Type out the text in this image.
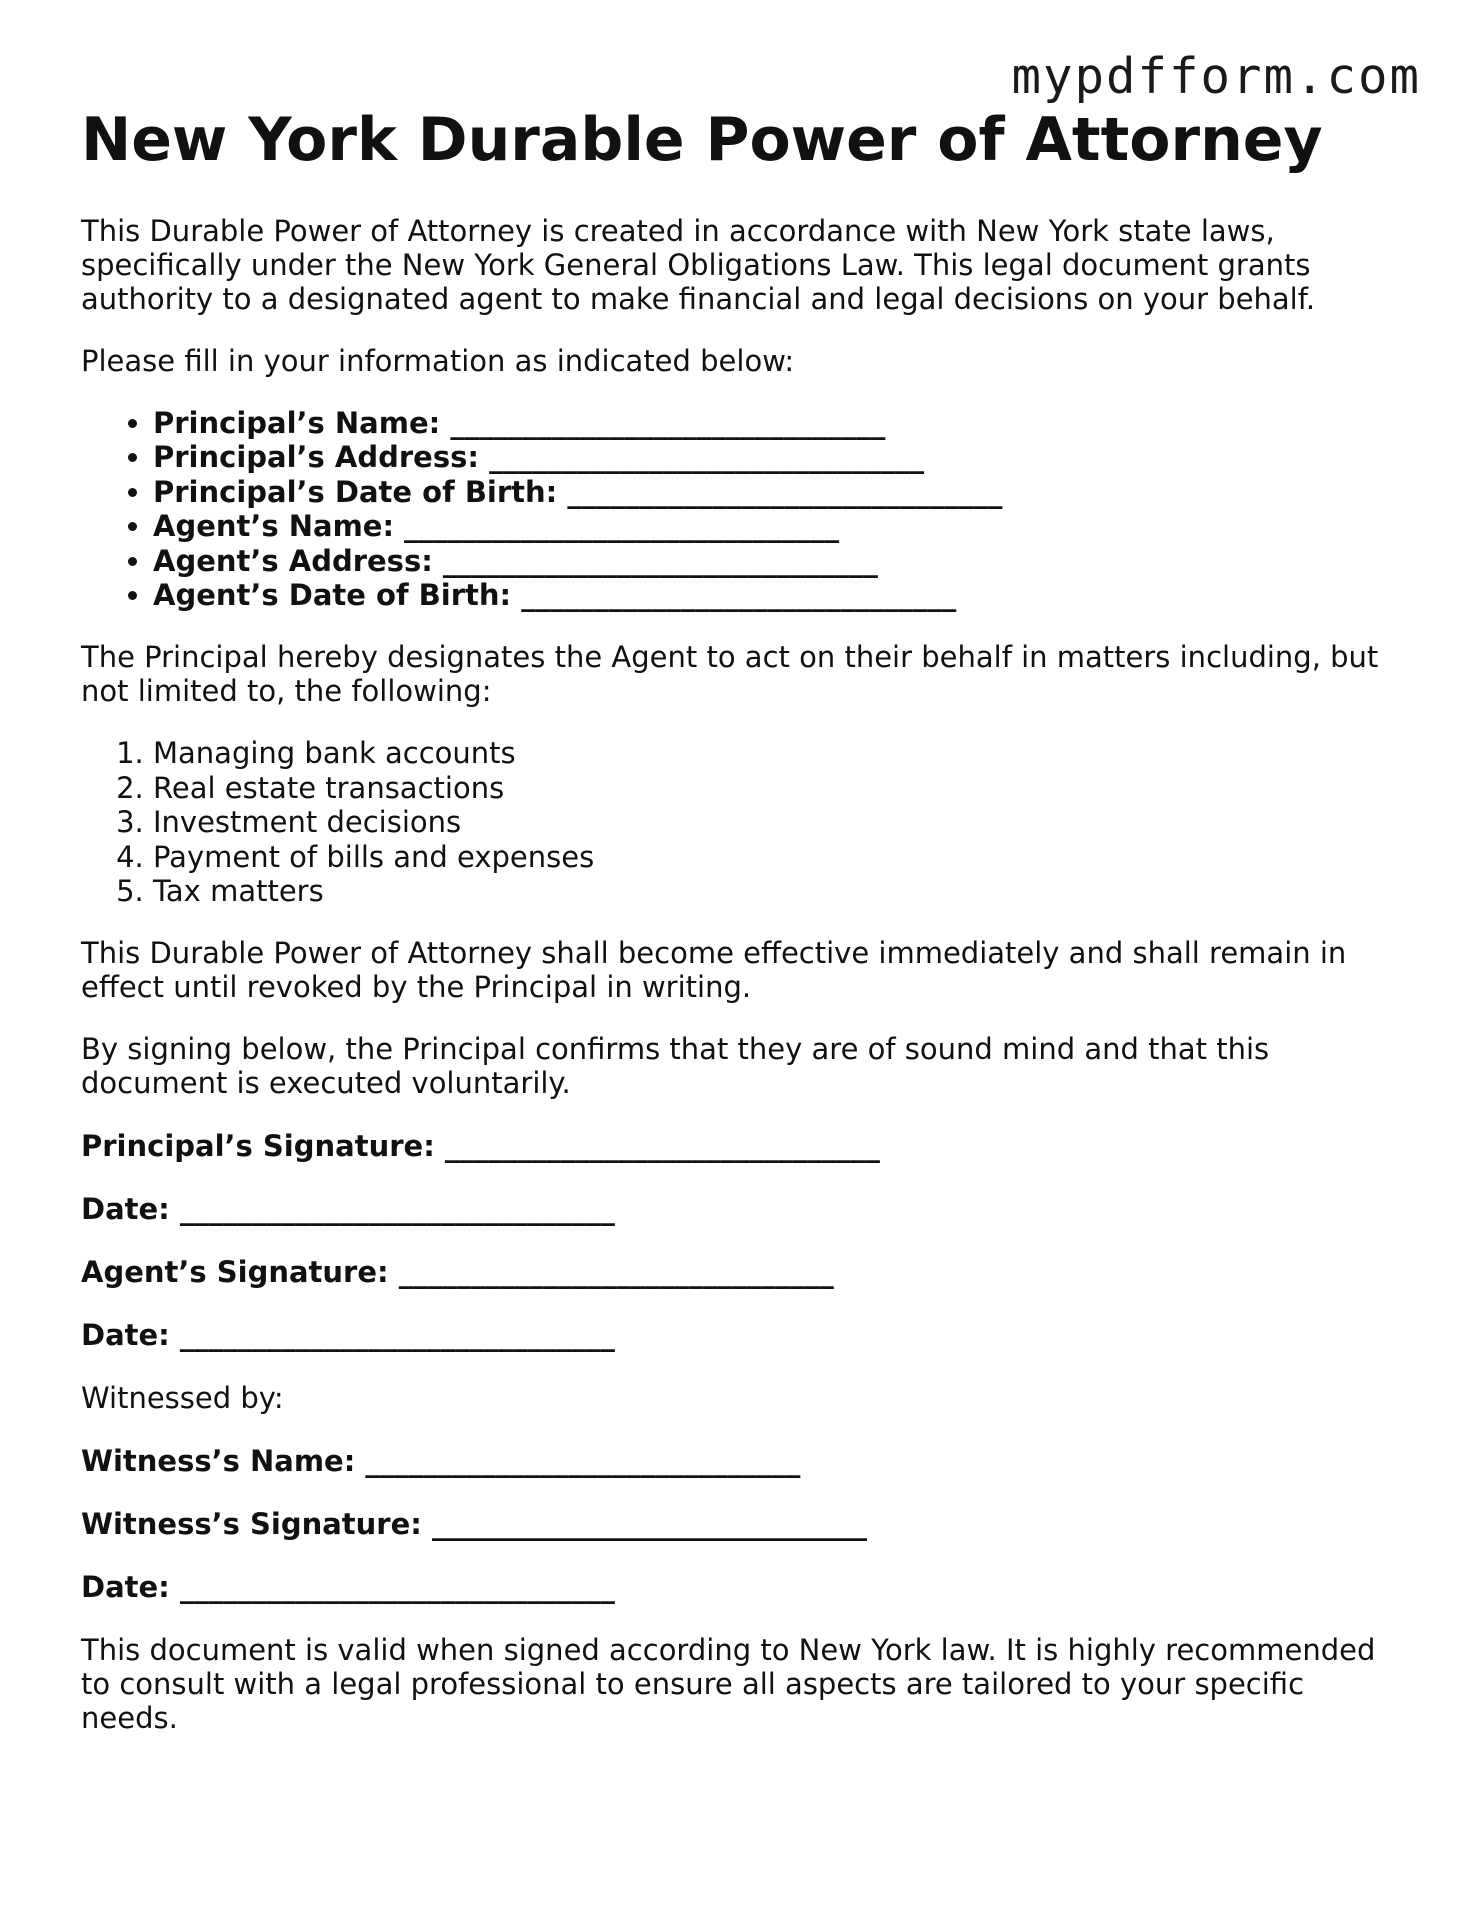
mypdfform.com
New York Durable Power of Attorney

This Durable Power of Attorney is created in accordance with New York state laws, specifically under the New York General Obligations Law. This legal document grants authority to a designated agent to make financial and legal decisions on your behalf.

Please fill in your information as indicated below:

• Principal’s Name: ______________________________
• Principal’s Address: ______________________________
• Principal’s Date of Birth: ______________________________
• Agent’s Name: ______________________________
• Agent’s Address: ______________________________
• Agent’s Date of Birth: ______________________________

The Principal hereby designates the Agent to act on their behalf in matters including, but not limited to, the following:

1. Managing bank accounts
2. Real estate transactions
3. Investment decisions
4. Payment of bills and expenses
5. Tax matters

This Durable Power of Attorney shall become effective immediately and shall remain in effect until revoked by the Principal in writing.

By signing below, the Principal confirms that they are of sound mind and that this document is executed voluntarily.

Principal’s Signature: ______________________________
Date: ______________________________
Agent’s Signature: ______________________________
Date: ______________________________
Witnessed by:
Witness’s Name: ______________________________
Witness’s Signature: ______________________________
Date: ______________________________

This document is valid when signed according to New York law. It is highly recommended to consult with a legal professional to ensure all aspects are tailored to your specific needs.
